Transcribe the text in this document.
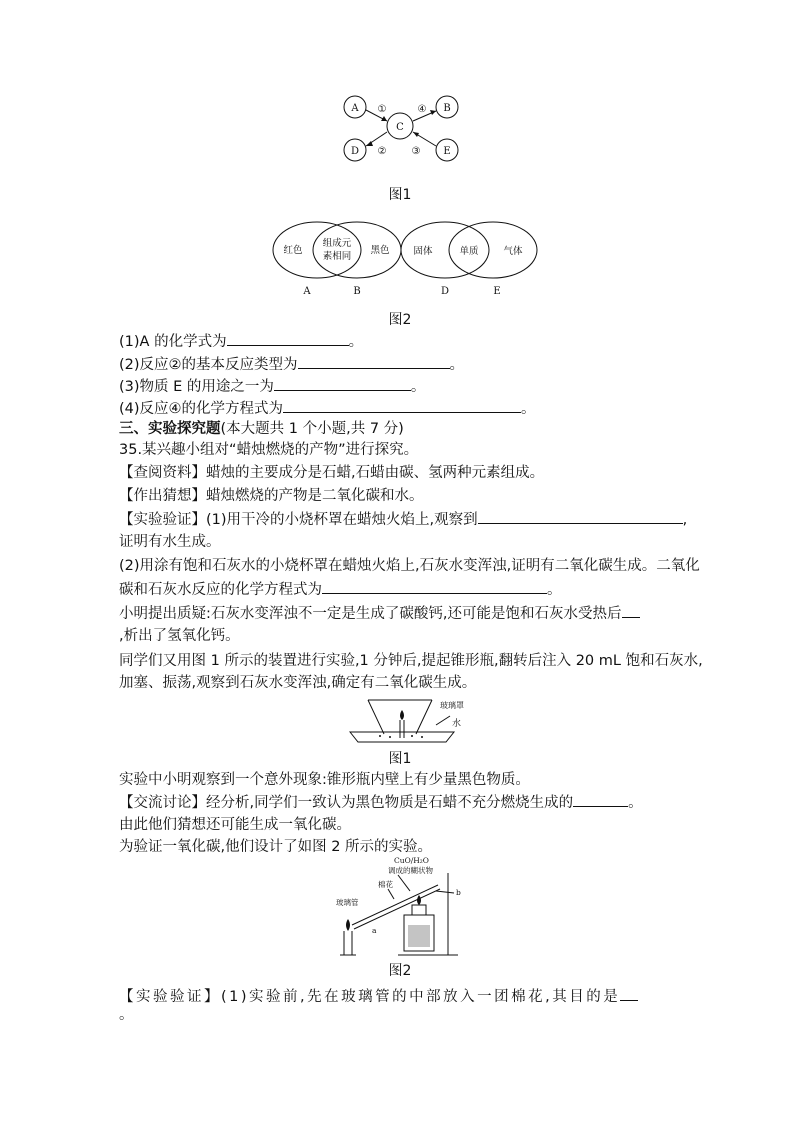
A	B
C
D	E
①	④
②	③
图1
红色
组成元
素相同
黑色	固体	单质	气体
A	B	D	E
图2
(1)A 的化学式为	。
(2)反应②的基本反应类型为	。
(3)物质 E 的用途之一为	。
(4)反应④的化学方程式为	。
三、实验探究题(本大题共 1 个小题,共 7 分)
35.某兴趣小组对“蜡烛燃烧的产物”进行探究。
【查阅资料】蜡烛的主要成分是石蜡,石蜡由碳、氢两种元素组成。
【作出猜想】蜡烛燃烧的产物是二氧化碳和水。
【实验验证】(1)用干冷的小烧杯罩在蜡烛火焰上,观察到	,
证明有水生成。
(2)用涂有饱和石灰水的小烧杯罩在蜡烛火焰上,石灰水变浑浊,证明有二氧化碳生成。二氧化
碳和石灰水反应的化学方程式为	。
小明提出质疑:石灰水变浑浊不一定是生成了碳酸钙,还可能是饱和石灰水受热后
,析出了氢氧化钙。
同学们又用图 1 所示的装置进行实验,1 分钟后,提起锥形瓶,翻转后注入 20 mL 饱和石灰水,
加塞、振荡,观察到石灰水变浑浊,确定有二氧化碳生成。
玻璃罩
水
图1
实验中小明观察到一个意外现象:锥形瓶内壁上有少量黑色物质。
【交流讨论】经分析,同学们一致认为黑色物质是石蜡不充分燃烧生成的	。
由此他们猜想还可能生成一氧化碳。
为验证一氧化碳,他们设计了如图 2 所示的实验。
CuO/H₂O
调成的糊状物
棉花
玻璃管
b
a
图2
【实验验证】(1)实验前,先在玻璃管的中部放入一团棉花,其目的是
。
